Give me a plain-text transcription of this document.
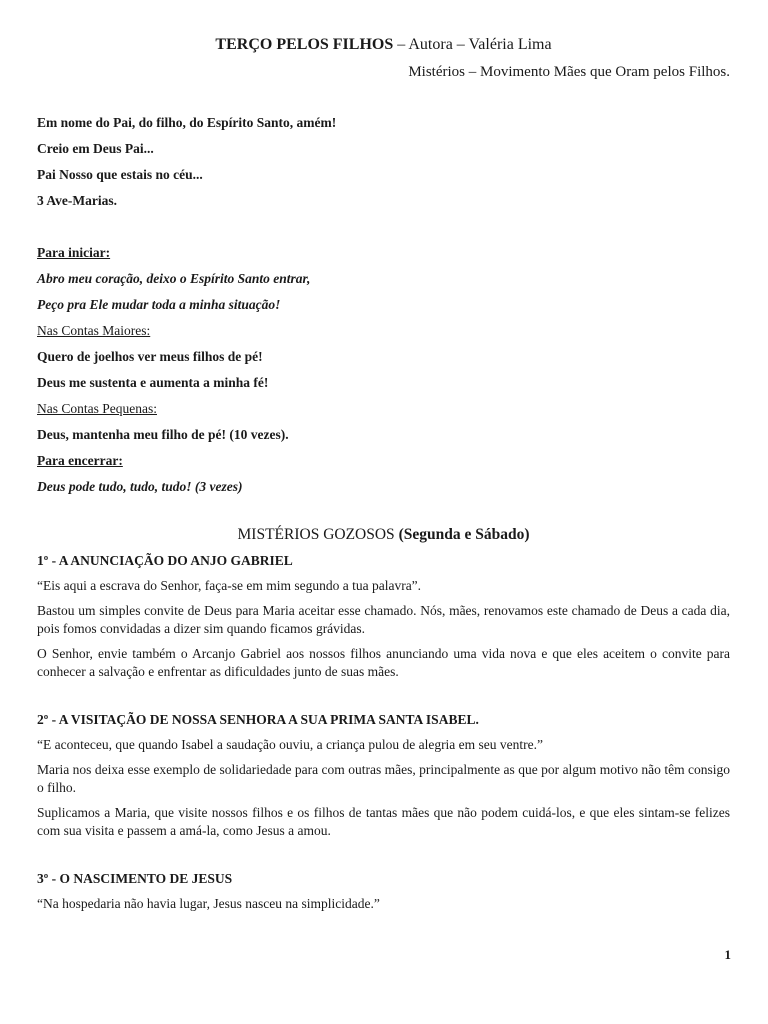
TERÇO PELOS FILHOS – Autora – Valéria Lima

Mistérios – Movimento Mães que Oram pelos Filhos.

Em nome do Pai, do filho, do Espírito Santo, amém!

Creio em Deus Pai...

Pai Nosso que estais no céu...

3 Ave-Marias.

Para iniciar:

Abro meu coração, deixo o Espírito Santo entrar,

Peço pra Ele mudar toda a minha situação!

Nas Contas Maiores:

Quero de joelhos ver meus filhos de pé!

Deus me sustenta e aumenta a minha fé!

Nas Contas Pequenas:

Deus, mantenha meu filho de pé! (10 vezes).

Para encerrar:

Deus pode tudo, tudo, tudo! (3 vezes)

MISTÉRIOS GOZOSOS (Segunda e Sábado)

1º - A ANUNCIAÇÃO DO ANJO GABRIEL

“Eis aqui a escrava do Senhor, faça-se em mim segundo a tua palavra”.

Bastou um simples convite de Deus para Maria aceitar esse chamado. Nós, mães, renovamos este chamado de Deus a cada dia, pois fomos convidadas a dizer sim quando ficamos grávidas.

O Senhor, envie também o Arcanjo Gabriel aos nossos filhos anunciando uma vida nova e que eles aceitem o convite para conhecer a salvação e enfrentar as dificuldades junto de suas mães.

2º - A VISITAÇÃO DE NOSSA SENHORA A SUA PRIMA SANTA ISABEL.

“E aconteceu, que quando Isabel a saudação ouviu, a criança pulou de alegria em seu ventre.”

Maria nos deixa esse exemplo de solidariedade para com outras mães, principalmente as que por algum motivo não têm consigo o filho.

Suplicamos a Maria, que visite nossos filhos e os filhos de tantas mães que não podem cuidá-los, e que eles sintam-se felizes com sua visita e passem a amá-la, como Jesus a amou.

3º - O NASCIMENTO DE JESUS

“Na hospedaria não havia lugar, Jesus nasceu na simplicidade.”

1
